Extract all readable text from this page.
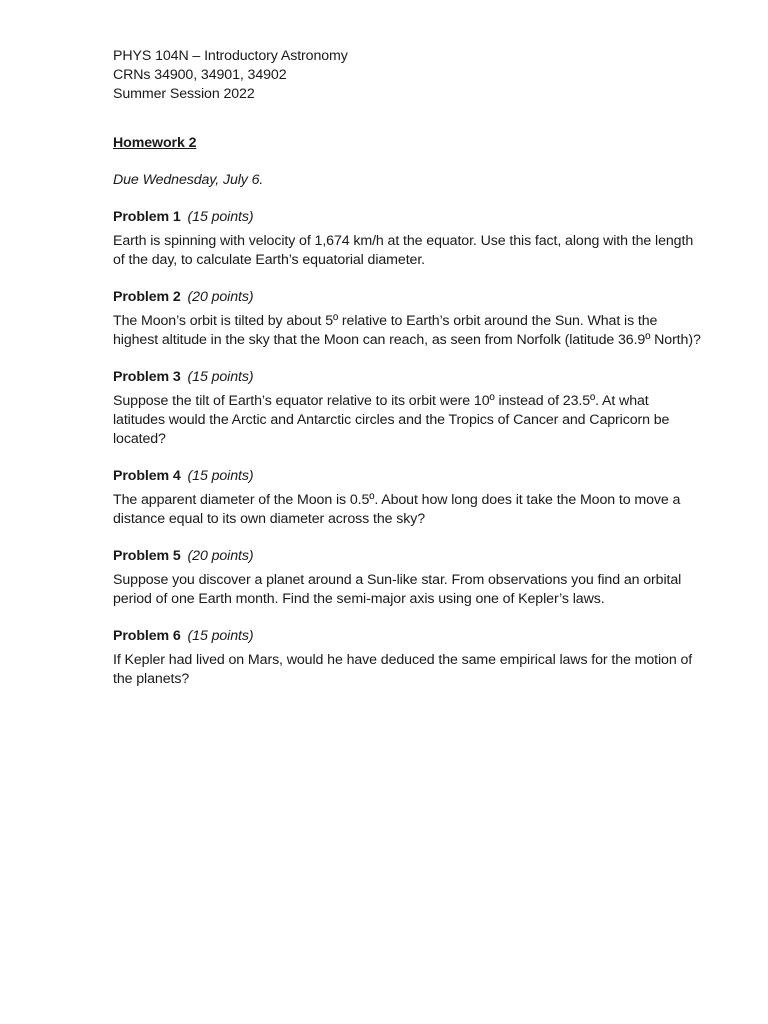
PHYS 104N – Introductory Astronomy
CRNs 34900, 34901, 34902
Summer Session 2022
Homework 2
Due Wednesday, July 6.
Problem 1 (15 points)
Earth is spinning with velocity of 1,674 km/h at the equator. Use this fact, along with the length of the day, to calculate Earth’s equatorial diameter.
Problem 2 (20 points)
The Moon’s orbit is tilted by about 5º relative to Earth’s orbit around the Sun. What is the highest altitude in the sky that the Moon can reach, as seen from Norfolk (latitude 36.9º North)?
Problem 3 (15 points)
Suppose the tilt of Earth’s equator relative to its orbit were 10º instead of 23.5º. At what latitudes would the Arctic and Antarctic circles and the Tropics of Cancer and Capricorn be located?
Problem 4 (15 points)
The apparent diameter of the Moon is 0.5º. About how long does it take the Moon to move a distance equal to its own diameter across the sky?
Problem 5 (20 points)
Suppose you discover a planet around a Sun-like star. From observations you find an orbital period of one Earth month. Find the semi-major axis using one of Kepler’s laws.
Problem 6 (15 points)
If Kepler had lived on Mars, would he have deduced the same empirical laws for the motion of the planets?
